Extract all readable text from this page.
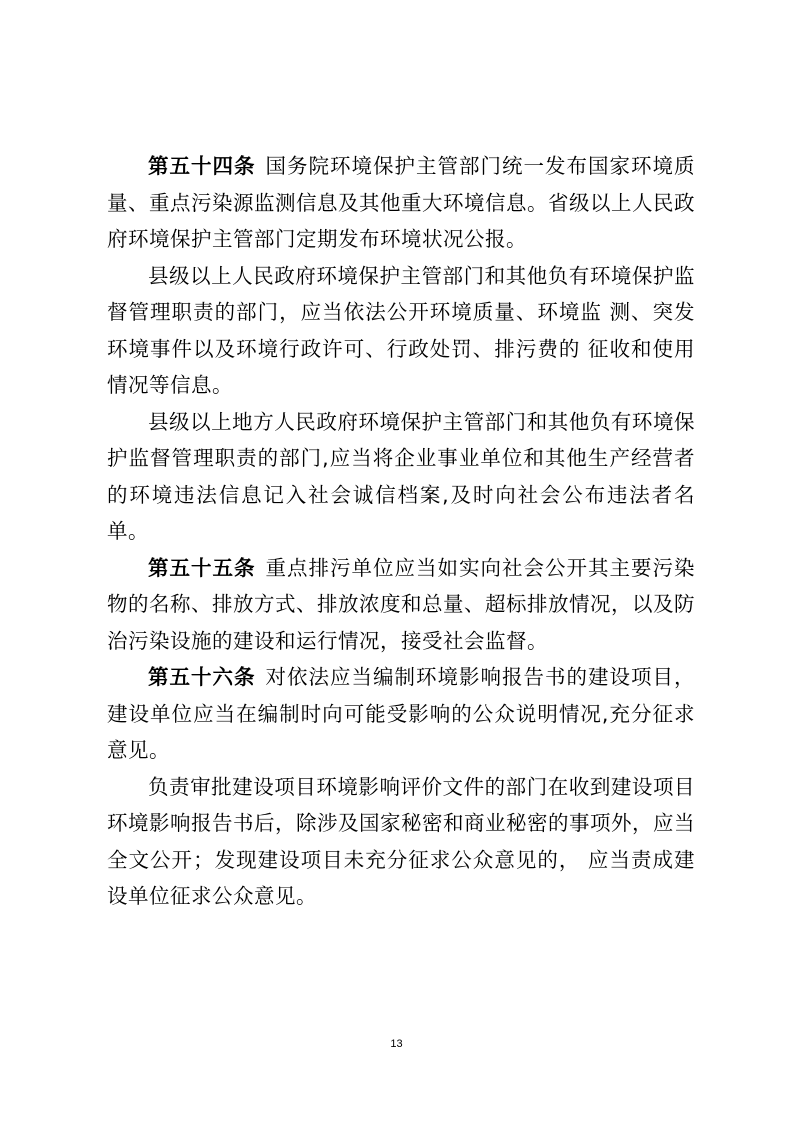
第五十四条 国务院环境保护主管部门统一发布国家环境质量、重点污染源监测信息及其他重大环境信息。省级以上人民政府环境保护主管部门定期发布环境状况公报。

县级以上人民政府环境保护主管部门和其他负有环境保护监督管理职责的部门，应当依法公开环境质量、环境监 测、突发环境事件以及环境行政许可、行政处罚、排污费的 征收和使用情况等信息。

县级以上地方人民政府环境保护主管部门和其他负有环境保护监督管理职责的部门,应当将企业事业单位和其他生产经营者的环境违法信息记入社会诚信档案,及时向社会公布违法者名单。

第五十五条 重点排污单位应当如实向社会公开其主要污染物的名称、排放方式、排放浓度和总量、超标排放情况，以及防治污染设施的建设和运行情况，接受社会监督。

第五十六条 对依法应当编制环境影响报告书的建设项目，建设单位应当在编制时向可能受影响的公众说明情况,充分征求意见。

负责审批建设项目环境影响评价文件的部门在收到建设项目环境影响报告书后，除涉及国家秘密和商业秘密的事项外，应当全文公开；发现建设项目未充分征求公众意见的， 应当责成建设单位征求公众意见。

13
